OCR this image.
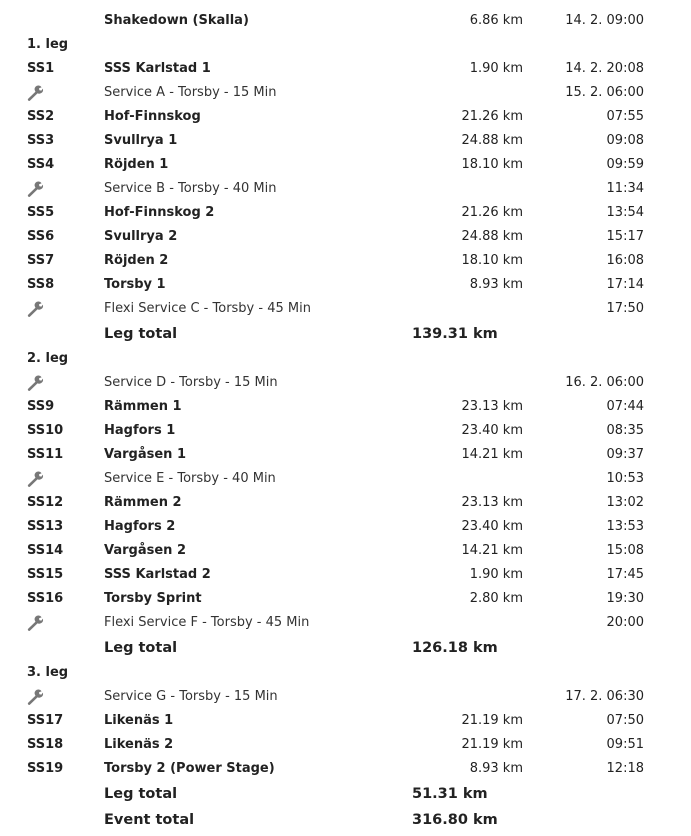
Shakedown (Skalla)	6.86 km	14. 2. 09:00
1. leg
SS1	SSS Karlstad 1	1.90 km	14. 2. 20:08
Service A - Torsby - 15 Min	15. 2. 06:00
SS2	Hof-Finnskog	21.26 km	07:55
SS3	Svullrya 1	24.88 km	09:08
SS4	Röjden 1	18.10 km	09:59
Service B - Torsby - 40 Min	11:34
SS5	Hof-Finnskog 2	21.26 km	13:54
SS6	Svullrya 2	24.88 km	15:17
SS7	Röjden 2	18.10 km	16:08
SS8	Torsby 1	8.93 km	17:14
Flexi Service C - Torsby - 45 Min	17:50
Leg total	139.31 km
2. leg
Service D - Torsby - 15 Min	16. 2. 06:00
SS9	Rämmen 1	23.13 km	07:44
SS10	Hagfors 1	23.40 km	08:35
SS11	Vargåsen 1	14.21 km	09:37
Service E - Torsby - 40 Min	10:53
SS12	Rämmen 2	23.13 km	13:02
SS13	Hagfors 2	23.40 km	13:53
SS14	Vargåsen 2	14.21 km	15:08
SS15	SSS Karlstad 2	1.90 km	17:45
SS16	Torsby Sprint	2.80 km	19:30
Flexi Service F - Torsby - 45 Min	20:00
Leg total	126.18 km
3. leg
Service G - Torsby - 15 Min	17. 2. 06:30
SS17	Likenäs 1	21.19 km	07:50
SS18	Likenäs 2	21.19 km	09:51
SS19	Torsby 2 (Power Stage)	8.93 km	12:18
Leg total	51.31 km
Event total	316.80 km
